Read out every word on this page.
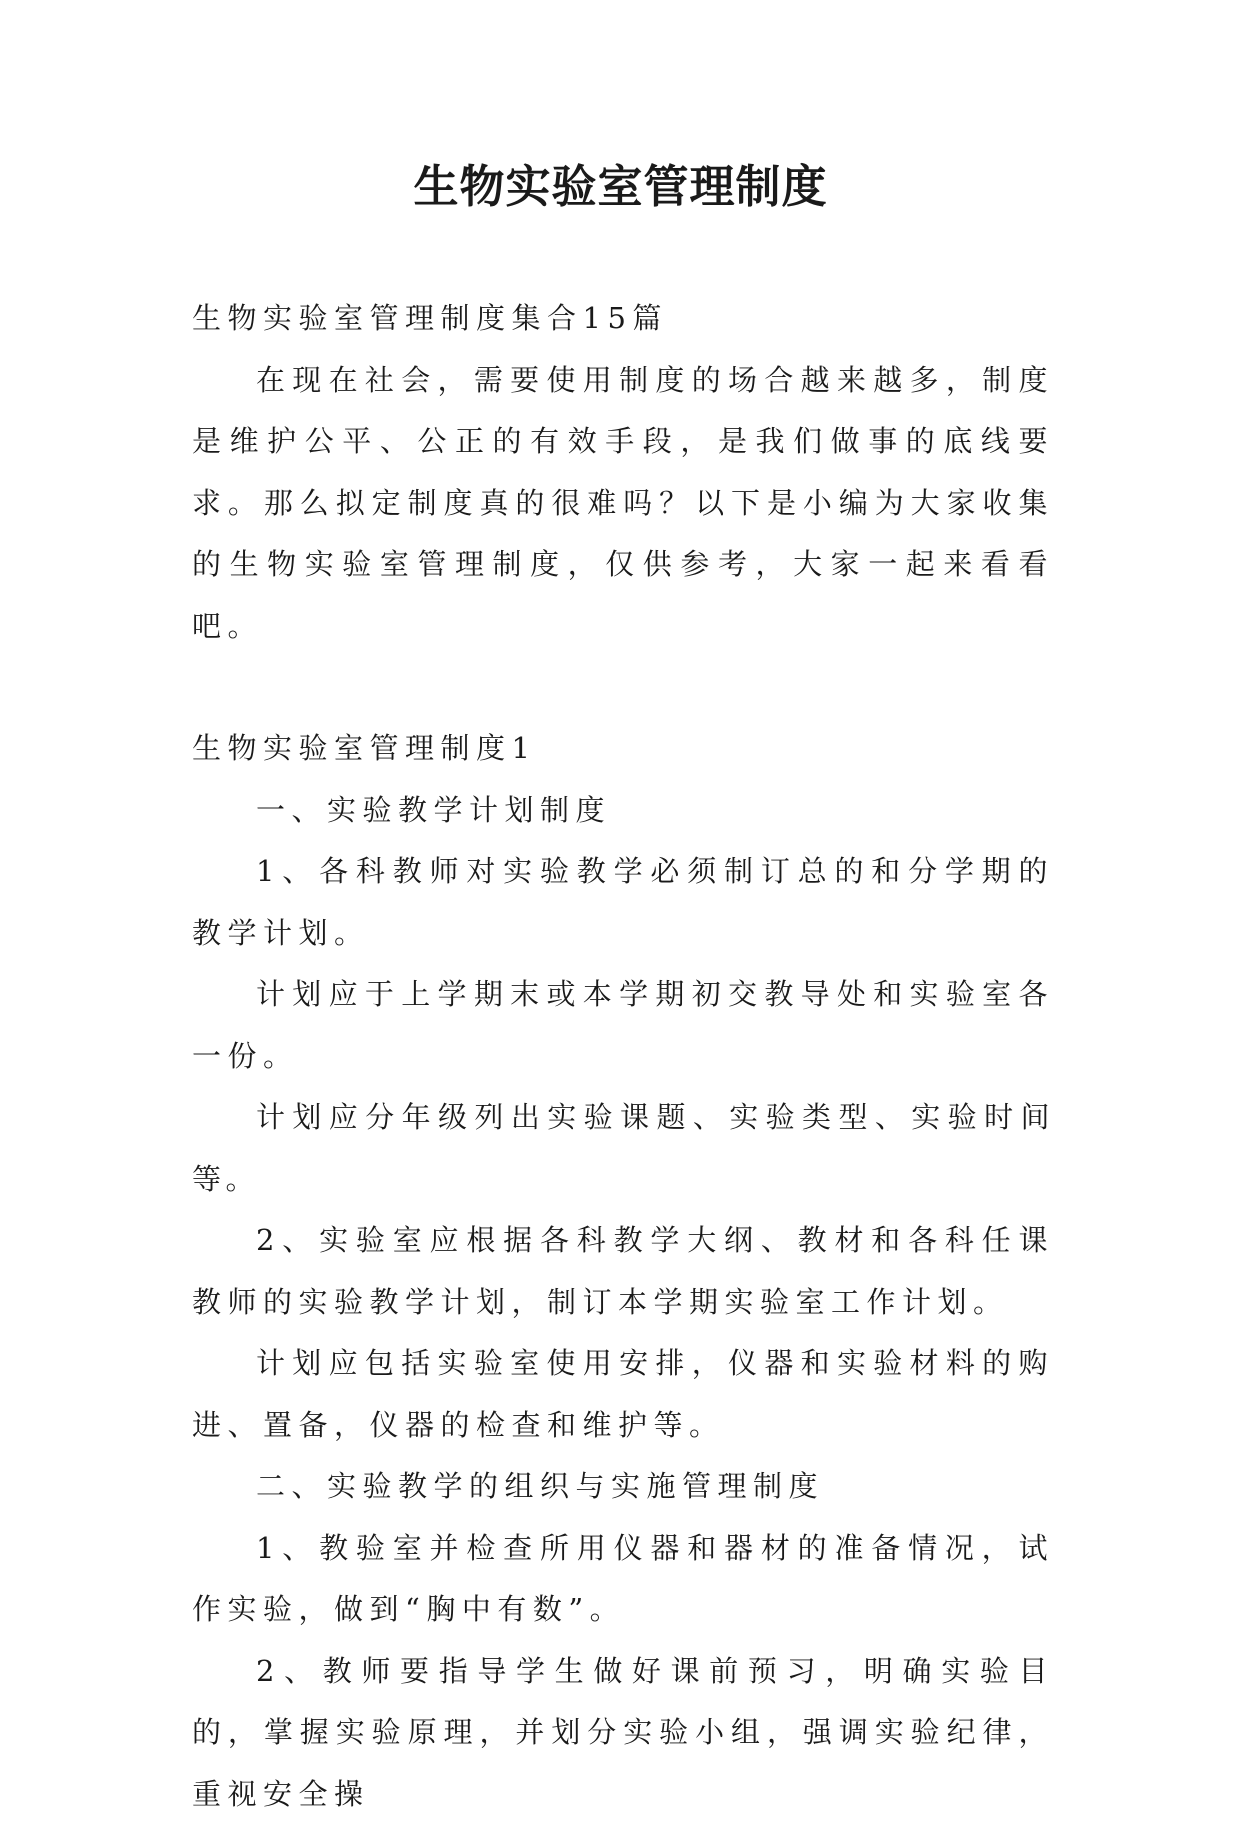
生物实验室管理制度

生物实验室管理制度集合15篇

在现在社会，需要使用制度的场合越来越多，制度是维护公平、公正的有效手段，是我们做事的底线要求。那么拟定制度真的很难吗？以下是小编为大家收集的生物实验室管理制度，仅供参考，大家一起来看看吧。

生物实验室管理制度1

一、实验教学计划制度

1、各科教师对实验教学必须制订总的和分学期的教学计划。

计划应于上学期末或本学期初交教导处和实验室各一份。

计划应分年级列出实验课题、实验类型、实验时间等。

2、实验室应根据各科教学大纲、教材和各科任课教师的实验教学计划，制订本学期实验室工作计划。

计划应包括实验室使用安排，仪器和实验材料的购进、置备，仪器的检查和维护等。

二、实验教学的组织与实施管理制度

1、教验室并检查所用仪器和器材的准备情况，试作实验，做到“胸中有数”。

2、教师要指导学生做好课前预习，明确实验目的，掌握实验原理，并划分实验小组，强调实验纪律，重视安全操
